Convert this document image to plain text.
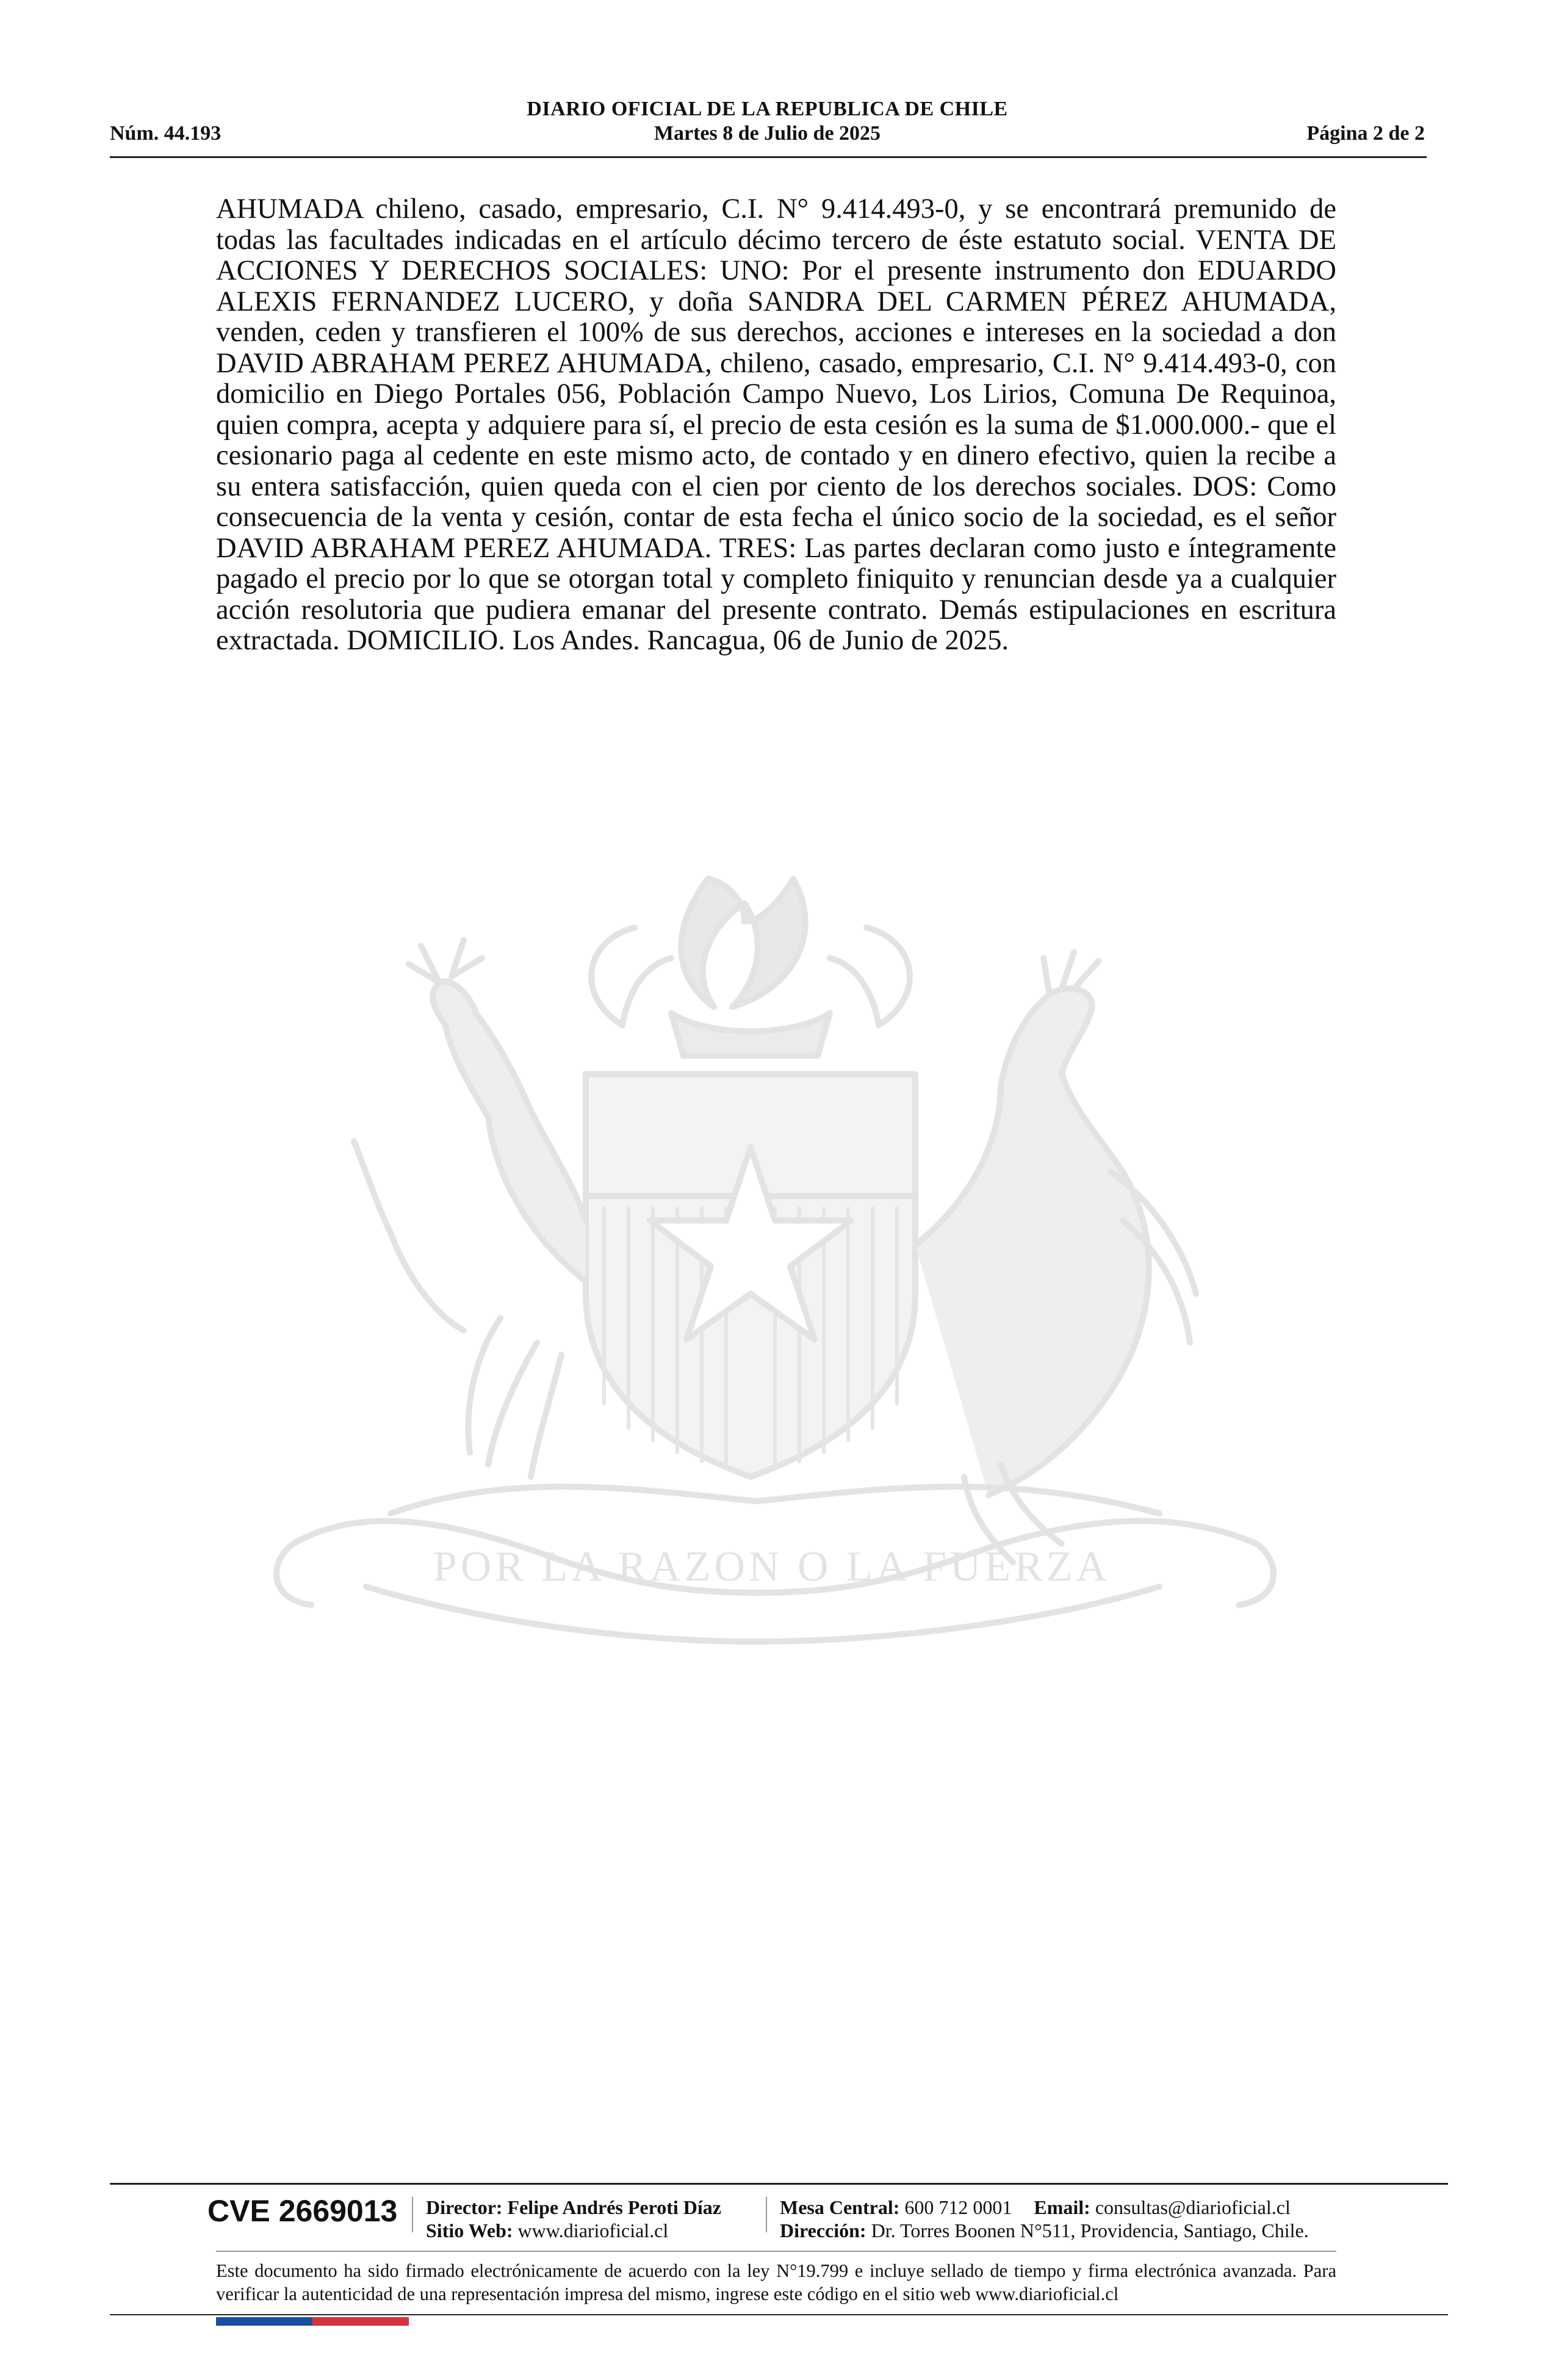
DIARIO OFICIAL DE LA REPUBLICA DE CHILE
Núm. 44.193	Martes 8 de Julio de 2025	Página 2 de 2
AHUMADA chileno, casado, empresario, C.I. N° 9.414.493-0, y se encontrará premunido de todas las facultades indicadas en el artículo décimo tercero de éste estatuto social. VENTA DE ACCIONES Y DERECHOS SOCIALES: UNO: Por el presente instrumento don EDUARDO ALEXIS FERNANDEZ LUCERO, y doña SANDRA DEL CARMEN PÉREZ AHUMADA, venden, ceden y transfieren el 100% de sus derechos, acciones e intereses en la sociedad a don DAVID ABRAHAM PEREZ AHUMADA, chileno, casado, empresario, C.I. N° 9.414.493-0, con domicilio en Diego Portales 056, Población Campo Nuevo, Los Lirios, Comuna De Requinoa, quien compra, acepta y adquiere para sí, el precio de esta cesión es la suma de $1.000.000.- que el cesionario paga al cedente en este mismo acto, de contado y en dinero efectivo, quien la recibe a su entera satisfacción, quien queda con el cien por ciento de los derechos sociales. DOS: Como consecuencia de la venta y cesión, contar de esta fecha el único socio de la sociedad, es el señor DAVID ABRAHAM PEREZ AHUMADA. TRES: Las partes declaran como justo e íntegramente pagado el precio por lo que se otorgan total y completo finiquito y renuncian desde ya a cualquier acción resolutoria que pudiera emanar del presente contrato. Demás estipulaciones en escritura extractada. DOMICILIO. Los Andes. Rancagua, 06 de Junio de 2025.
POR LA RAZON O LA FUERZA
CVE 2669013 Director: Felipe Andrés Peroti Díaz
Sitio Web: www.diarioficial.cl
Mesa Central: 600 712 0001 Email: consultas@diarioficial.cl
Dirección: Dr. Torres Boonen N°511, Providencia, Santiago, Chile.
Este documento ha sido firmado electrónicamente de acuerdo con la ley N°19.799 e incluye sellado de tiempo y firma electrónica avanzada. Para verificar la autenticidad de una representación impresa del mismo, ingrese este código en el sitio web www.diarioficial.cl
